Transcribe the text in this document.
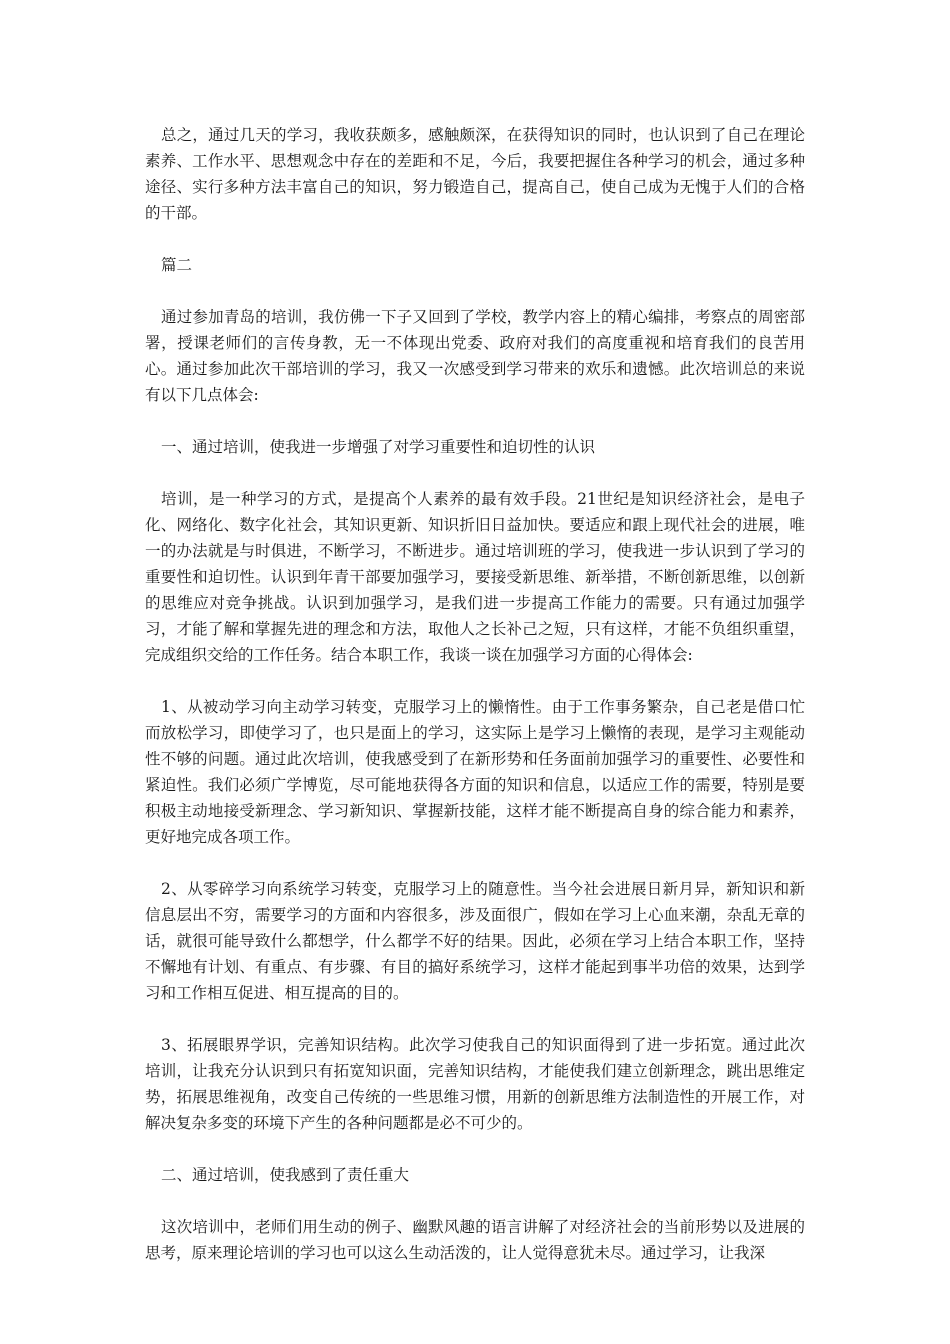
总之，通过几天的学习，我收获颇多，感触颇深，在获得知识的同时，也认识到了自己在理论素养、工作水平、思想观念中存在的差距和不足，今后，我要把握住各种学习的机会，通过多种途径、实行多种方法丰富自己的知识，努力锻造自己，提高自己，使自己成为无愧于人们的合格的干部。

篇二

通过参加青岛的培训，我仿佛一下子又回到了学校，教学内容上的精心编排，考察点的周密部署，授课老师们的言传身教，无一不体现出党委、政府对我们的高度重视和培育我们的良苦用心。通过参加此次干部培训的学习，我又一次感受到学习带来的欢乐和遗憾。此次培训总的来说有以下几点体会:

一、通过培训，使我进一步增强了对学习重要性和迫切性的认识

培训，是一种学习的方式，是提高个人素养的最有效手段。21世纪是知识经济社会，是电子化、网络化、数字化社会，其知识更新、知识折旧日益加快。要适应和跟上现代社会的进展，唯一的办法就是与时俱进，不断学习，不断进步。通过培训班的学习，使我进一步认识到了学习的重要性和迫切性。认识到年青干部要加强学习，要接受新思维、新举措，不断创新思维，以创新的思维应对竞争挑战。认识到加强学习，是我们进一步提高工作能力的需要。只有通过加强学习，才能了解和掌握先进的理念和方法，取他人之长补己之短，只有这样，才能不负组织重望，完成组织交给的工作任务。结合本职工作，我谈一谈在加强学习方面的心得体会:

1、从被动学习向主动学习转变，克服学习上的懒惰性。由于工作事务繁杂，自己老是借口忙而放松学习，即使学习了，也只是面上的学习，这实际上是学习上懒惰的表现，是学习主观能动性不够的问题。通过此次培训，使我感受到了在新形势和任务面前加强学习的重要性、必要性和紧迫性。我们必须广学博览，尽可能地获得各方面的知识和信息，以适应工作的需要，特别是要积极主动地接受新理念、学习新知识、掌握新技能，这样才能不断提高自身的综合能力和素养，更好地完成各项工作。

2、从零碎学习向系统学习转变，克服学习上的随意性。当今社会进展日新月异，新知识和新信息层出不穷，需要学习的方面和内容很多，涉及面很广，假如在学习上心血来潮，杂乱无章的话，就很可能导致什么都想学，什么都学不好的结果。因此，必须在学习上结合本职工作，坚持不懈地有计划、有重点、有步骤、有目的搞好系统学习，这样才能起到事半功倍的效果，达到学习和工作相互促进、相互提高的目的。

3、拓展眼界学识，完善知识结构。此次学习使我自己的知识面得到了进一步拓宽。通过此次培训，让我充分认识到只有拓宽知识面，完善知识结构，才能使我们建立创新理念，跳出思维定势，拓展思维视角，改变自己传统的一些思维习惯，用新的创新思维方法制造性的开展工作，对解决复杂多变的环境下产生的各种问题都是必不可少的。

二、通过培训，使我感到了责任重大

这次培训中，老师们用生动的例子、幽默风趣的语言讲解了对经济社会的当前形势以及进展的思考，原来理论培训的学习也可以这么生动活泼的，让人觉得意犹未尽。通过学习，让我深
